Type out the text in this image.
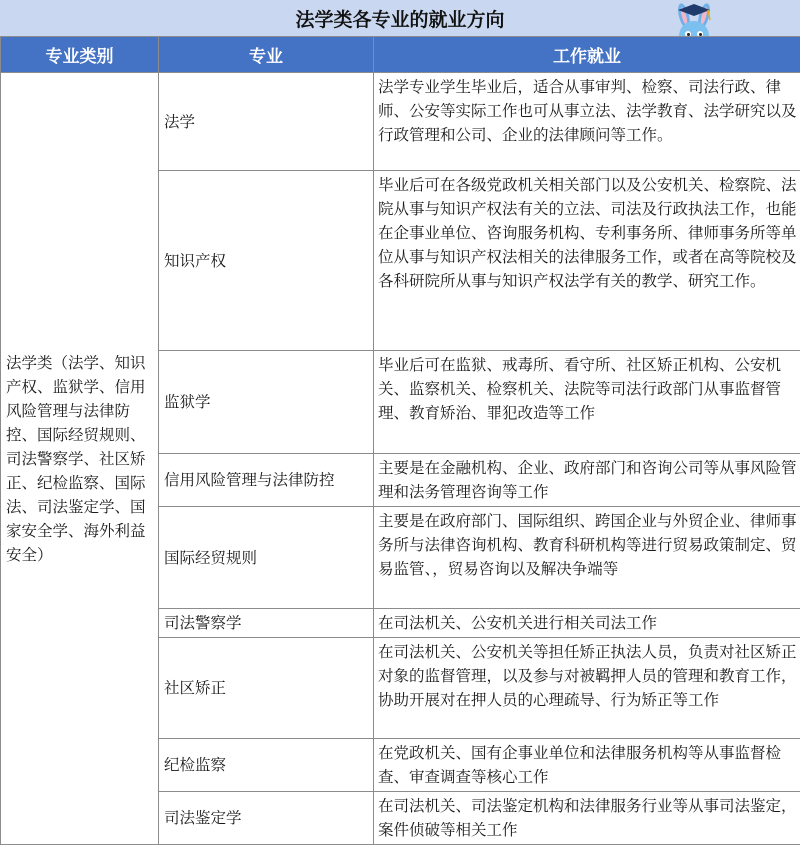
法学类各专业的就业方向
专业类别	专业	工作就业
法学类（法学、知识产权、监狱学、信用风险管理与法律防控、国际经贸规则、司法警察学、社区矫正、纪检监察、国际法、司法鉴定学、国家安全学、海外利益安全）	法学	法学专业学生毕业后，适合从事审判、检察、司法行政、律师、公安等实际工作也可从事立法、法学教育、法学研究以及行政管理和公司、企业的法律顾问等工作。
	知识产权	毕业后可在各级党政机关相关部门以及公安机关、检察院、法院从事与知识产权法有关的立法、司法及行政执法工作，也能在企事业单位、咨询服务机构、专利事务所、律师事务所等单位从事与知识产权法相关的法律服务工作，或者在高等院校及各科研院所从事与知识产权法学有关的教学、研究工作。
	监狱学	毕业后可在监狱、戒毒所、看守所、社区矫正机构、公安机关、监察机关、检察机关、法院等司法行政部门从事监督管理、教育矫治、罪犯改造等工作
	信用风险管理与法律防控	主要是在金融机构、企业、政府部门和咨询公司等从事风险管理和法务管理咨询等工作
	国际经贸规则	主要是在政府部门、国际组织、跨国企业与外贸企业、律师事务所与法律咨询机构、教育科研机构等进行贸易政策制定、贸易监管、，贸易咨询以及解决争端等
	司法警察学	在司法机关、公安机关进行相关司法工作
	社区矫正	在司法机关、公安机关等担任矫正执法人员，负责对社区矫正对象的监督管理，以及参与对被羁押人员的管理和教育工作，协助开展对在押人员的心理疏导、行为矫正等工作
	纪检监察	在党政机关、国有企事业单位和法律服务机构等从事监督检查、审查调查等核心工作
	司法鉴定学	在司法机关、司法鉴定机构和法律服务行业等从事司法鉴定，案件侦破等相关工作
